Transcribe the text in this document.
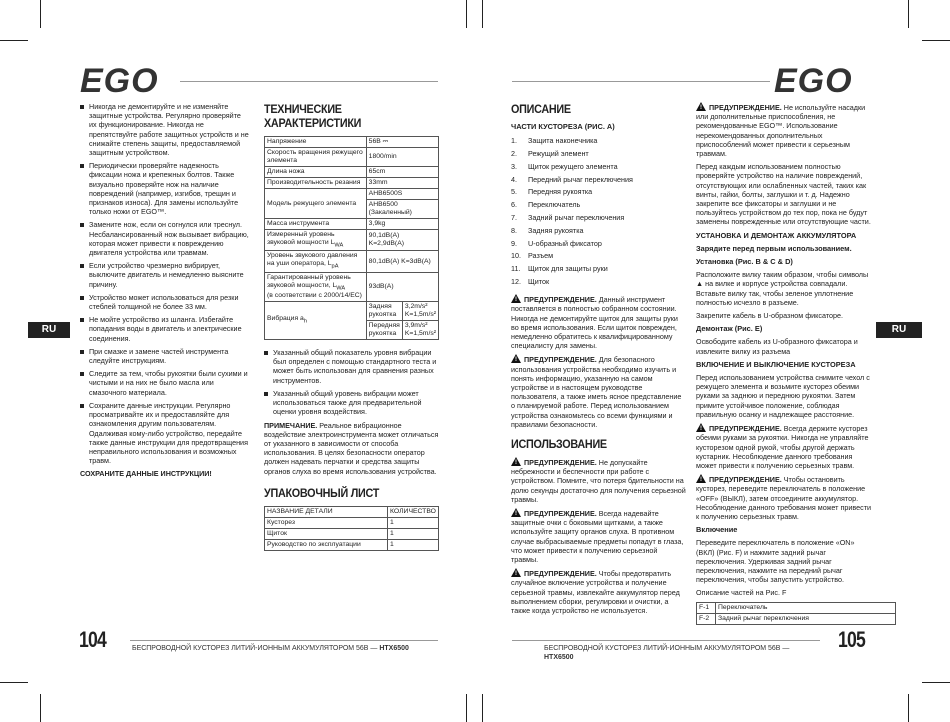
EGO	EGO
RU	RU
Никогда не демонтируйте и не изменяйте защитные устройства. Регулярно проверяйте их функционирование. Никогда не препятствуйте работе защитных устройств и не снижайте степень защиты, предоставляемой защитным устройством.
Периодически проверяйте надежность фиксации ножа и крепежных болтов. Также визуально проверяйте нож на наличие повреждений (например, изгибов, трещин и признаков износа). Для замены используйте только ножи от EGO™.
Замените нож, если он согнулся или треснул. Несбалансированный нож вызывает вибрацию, которая может привести к повреждению двигателя устройства или травмам.
Если устройство чрезмерно вибрирует, выключите двигатель и немедленно выясните причину.
Устройство может использоваться для резки стеблей толщиной не более 33 мм.
Не мойте устройство из шланга. Избегайте попадания воды в двигатель и электрические соединения.
При смазке и замене частей инструмента следуйте инструкциям.
Следите за тем, чтобы рукоятки были сухими и чистыми и на них не было масла или смазочного материала.
Сохраните данные инструкции. Регулярно просматривайте их и предоставляйте для ознакомления другим пользователям. Одалживая кому-либо устройство, передайте также данные инструкции для предотвращения неправильного использования и возможных травм.
СОХРАНИТЕ ДАННЫЕ ИНСТРУКЦИИ!
ТЕХНИЧЕСКИЕ ХАРАКТЕРИСТИКИ
Напряжение	56В ⎓	
Скорость вращения режущего элемента	1800/min	
Длина ножа	65cm	
Производительность резания	33mm	
Модель режущего элемента	AHB6500S	
	AHB6500 (Закаленный)	
Масса инструмента	3,9kg	
Измеренный уровень звуковой мощности $L_{WA}$	90,1dB(A) K=2,9dB(A)	
Уровень звукового давления на уши оператора, $L_{pA}$	80,1dB(A) K=3dB(A)	
Гарантированный уровень звуковой мощности, $L_{WA}$
(в соответствии с 2000/14/EC)	93dB(A)	
Вибрация $a_h$	Задняя рукоятка	3,2m/s² K=1,5m/s²
	Передняя рукоятка	3,9m/s² K=1,5m/s²
Указанный общий показатель уровня вибрации был определен с помощью стандартного теста и может быть использован для сравнения разных инструментов.
Указанный общий уровень вибрации может использоваться также для предварительной оценки уровня воздействия.

ПРИМЕЧАНИЕ. Реальное вибрационное воздействие электроинструмента может отличаться от указанного в зависимости от способа использования. В целях безопасности оператор должен надевать перчатки и средства защиты органов слуха во время использования устройства.

УПАКОВОЧНЫЙ ЛИСТ
НАЗВАНИЕ ДЕТАЛИ	КОЛИЧЕСТВО
Кусторез	1
Щиток	1
Руководство по эксплуатации	1
ОПИСАНИЕ
ЧАСТИ КУСТОРЕЗА (РИС. А)
1.	Защита наконечника
2.	Режущий элемент
3.	Щиток режущего элемента
4.	Передний рычаг переключения
5.	Передняя рукоятка
6.	Переключатель
7.	Задний рычаг переключения
8.	Задняя рукоятка
9.	U-образный фиксатор
10. Разъем
11.	Щиток для защиты руки
12. Щиток

!ПРЕДУПРЕЖДЕНИЕ. Данный инструмент поставляется в полностью собранном состоянии. Никогда не демонтируйте щиток для защиты руки во время использования. Если щиток поврежден, немедленно обратитесь к квалифицированному специалисту для замены.

!ПРЕДУПРЕЖДЕНИЕ. Для безопасного использования устройства необходимо изучить и понять информацию, указанную на самом устройстве и в настоящем руководстве пользователя, а также иметь ясное представление о планируемой работе. Перед использованием устройства ознакомьтесь со всеми функциями и правилами безопасности.

ИСПОЛЬЗОВАНИЕ

!ПРЕДУПРЕЖДЕНИЕ. Не допускайте небрежности и беспечности при работе с устройством. Помните, что потеря бдительности на долю секунды достаточно для получения серьезной травмы.

!ПРЕДУПРЕЖДЕНИЕ. Всегда надевайте защитные очки с боковыми щитками, а также используйте защиту органов слуха. В противном случае выбрасываемые предметы попадут в глаза, что может привести к получению серьезной травмы.

!ПРЕДУПРЕЖДЕНИЕ. Чтобы предотвратить случайное включение устройства и получение серьезной травмы, извлекайте аккумулятор перед выполнением сборки, регулировки и очистки, а также когда устройство не используется.

!ПРЕДУПРЕЖДЕНИЕ. Не используйте насадки или дополнительные приспособления, не рекомендованные EGO™. Использование нерекомендованных дополнительных приспособлений может привести к серьезным травмам.

Перед каждым использованием полностью проверяйте устройство на наличие повреждений, отсутствующих или ослабленных частей, таких как винты, гайки, болты, заглушки и т. д. Надежно закрепите все фиксаторы и заглушки и не пользуйтесь устройством до тех пор, пока не будут заменены поврежденные или отсутствующие части.

УСТАНОВКА И ДЕМОНТАЖ АККУМУЛЯТОРА
Зарядите перед первым использованием.
Установка (Рис. B & C & D)

Расположите вилку таким образом, чтобы символы ▲ на вилке и корпусе устройства совпадали. Вставьте вилку так, чтобы зеленое уплотнение полностью исчезло в разъеме.

Закрепите кабель в U-образном фиксаторе.

Демонтаж (Рис. E)

Освободите кабель из U-образного фиксатора и извлеките вилку из разъема

ВКЛЮЧЕНИЕ И ВЫКЛЮЧЕНИЕ КУСТОРЕЗА

Перед использованием устройства снимите чехол с режущего элемента и возьмите кусторез обеими руками за заднюю и переднюю рукоятки. Затем примите устойчивое положение, соблюдая правильную осанку и надлежащее расстояние.

!ПРЕДУПРЕЖДЕНИЕ. Всегда держите кусторез обеими руками за рукоятки. Никогда не управляйте кусторезом одной рукой, чтобы другой держать кустарник. Несоблюдение данного требования может привести к получению серьезных травм.

!ПРЕДУПРЕЖДЕНИЕ. Чтобы остановить кусторез, переведите переключатель в положение «OFF» (ВЫКЛ), затем отсоедините аккумулятор. Несоблюдение данного требования может привести к получению серьезных травм.

Включение

Переведите переключатель в положение «ON» (ВКЛ) (Рис. F) и нажмите задний рычаг переключения. Удерживая задний рычаг переключения, нажмите на передний рычаг переключения, чтобы запустить устройство.

Описание частей на Рис. F

F-1	Переключатель
F-2	Задний рычаг переключения
104	БЕСПРОВОДНОЙ КУСТОРЕЗ ЛИТИЙ-ИОННЫМ АККУМУЛЯТОРОМ 56В — HTX6500	105
БЕСПРОВОДНОЙ КУСТОРЕЗ ЛИТИЙ-ИОННЫМ АККУМУЛЯТОРОМ 56В — HTX6500
